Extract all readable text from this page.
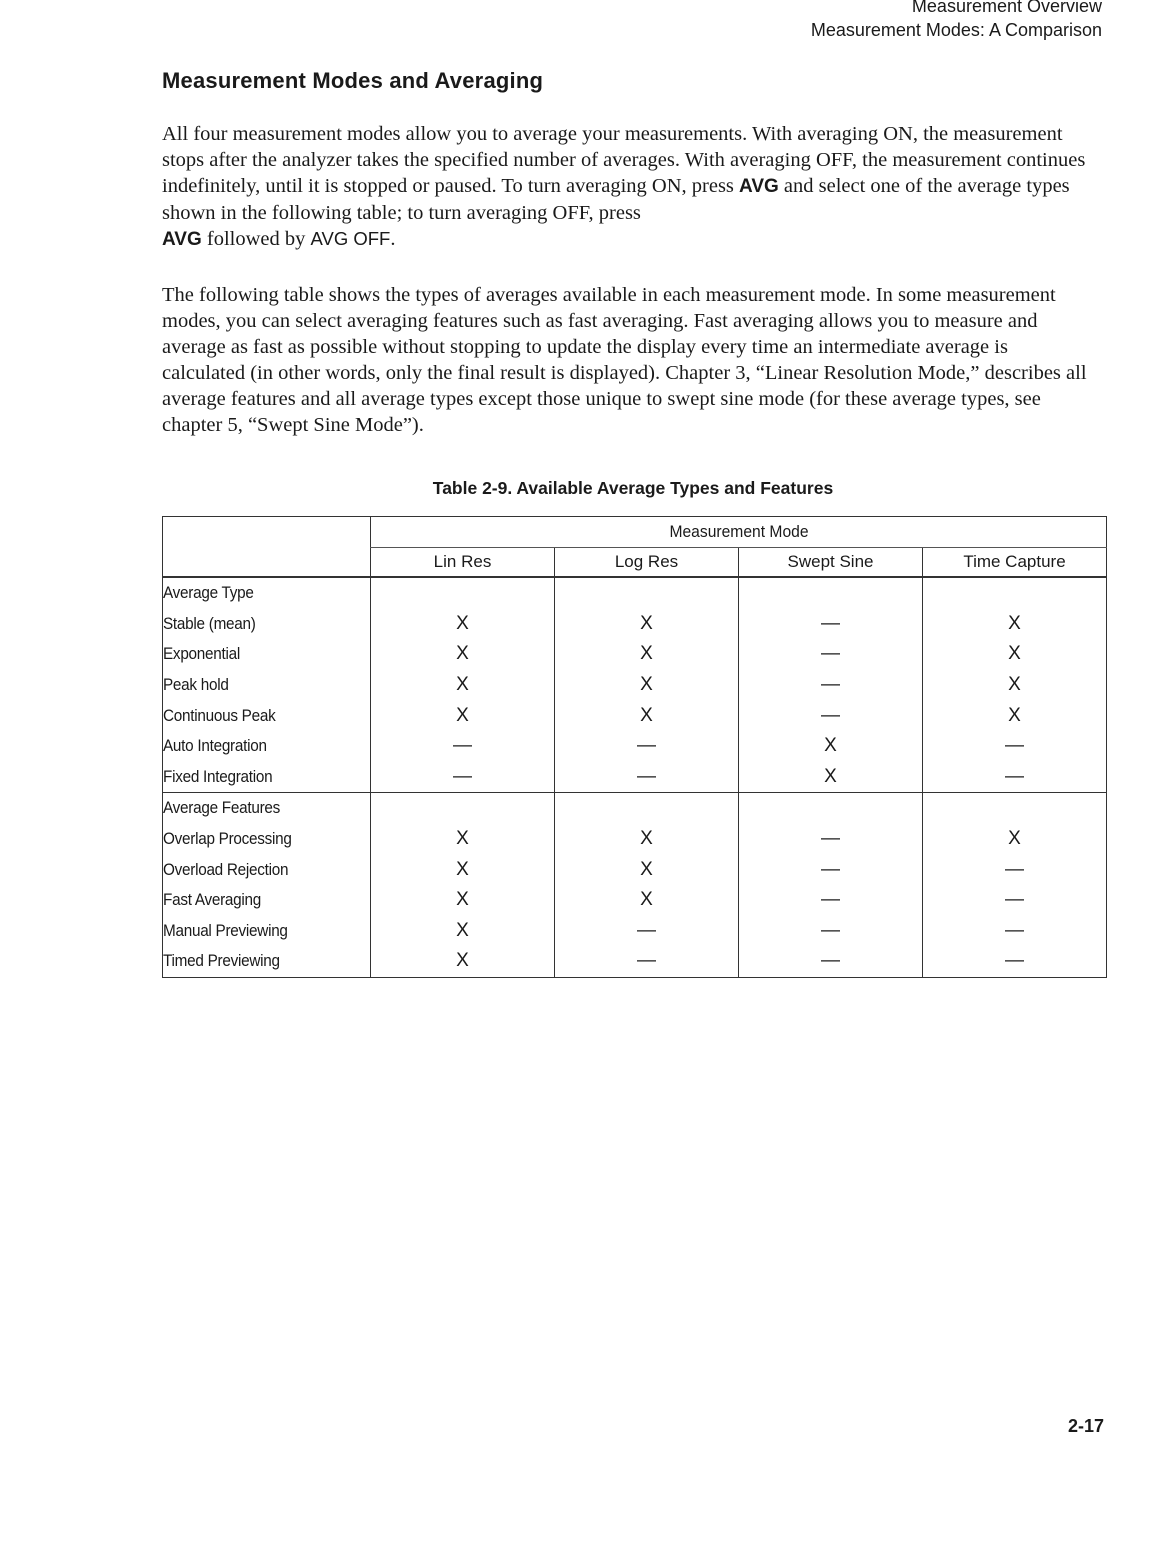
Measurement Overview
Measurement Modes: A Comparison
Measurement Modes and Averaging

All four measurement modes allow you to average your measurements. With averaging ON, the measurement stops after the analyzer takes the specified number of averages. With averaging OFF, the measurement continues indefinitely, until it is stopped or paused. To turn averaging ON, press AVG and select one of the average types shown in the following table; to turn averaging OFF, press
AVG followed by AVG OFF.

The following table shows the types of averages available in each measurement mode. In some measurement modes, you can select averaging features such as fast averaging. Fast averaging allows you to measure and average as fast as possible without stopping to update the display every time an intermediate average is calculated (in other words, only the final result is displayed). Chapter 3, “Linear Resolution Mode,” describes all average features and all average types except those unique to swept sine mode (for these average types, see chapter 5, “Swept Sine Mode”).

Table 2-9. Available Average Types and Features
	Measurement Mode			
	Lin Res	Log Res	Swept Sine	Time Capture
Average Type				
Stable (mean)	X	X	—	X
Exponential	X	X	—	X
Peak hold	X	X	—	X
Continuous Peak	X	X	—	X
Auto Integration	—	—	X	—
Fixed Integration	—	—	X	—
Average Features				
Overlap Processing	X	X	—	X
Overload Rejection	X	X	—	—
Fast Averaging	X	X	—	—
Manual Previewing	X	—	—	—
Timed Previewing	X	—	—	—
2-17
